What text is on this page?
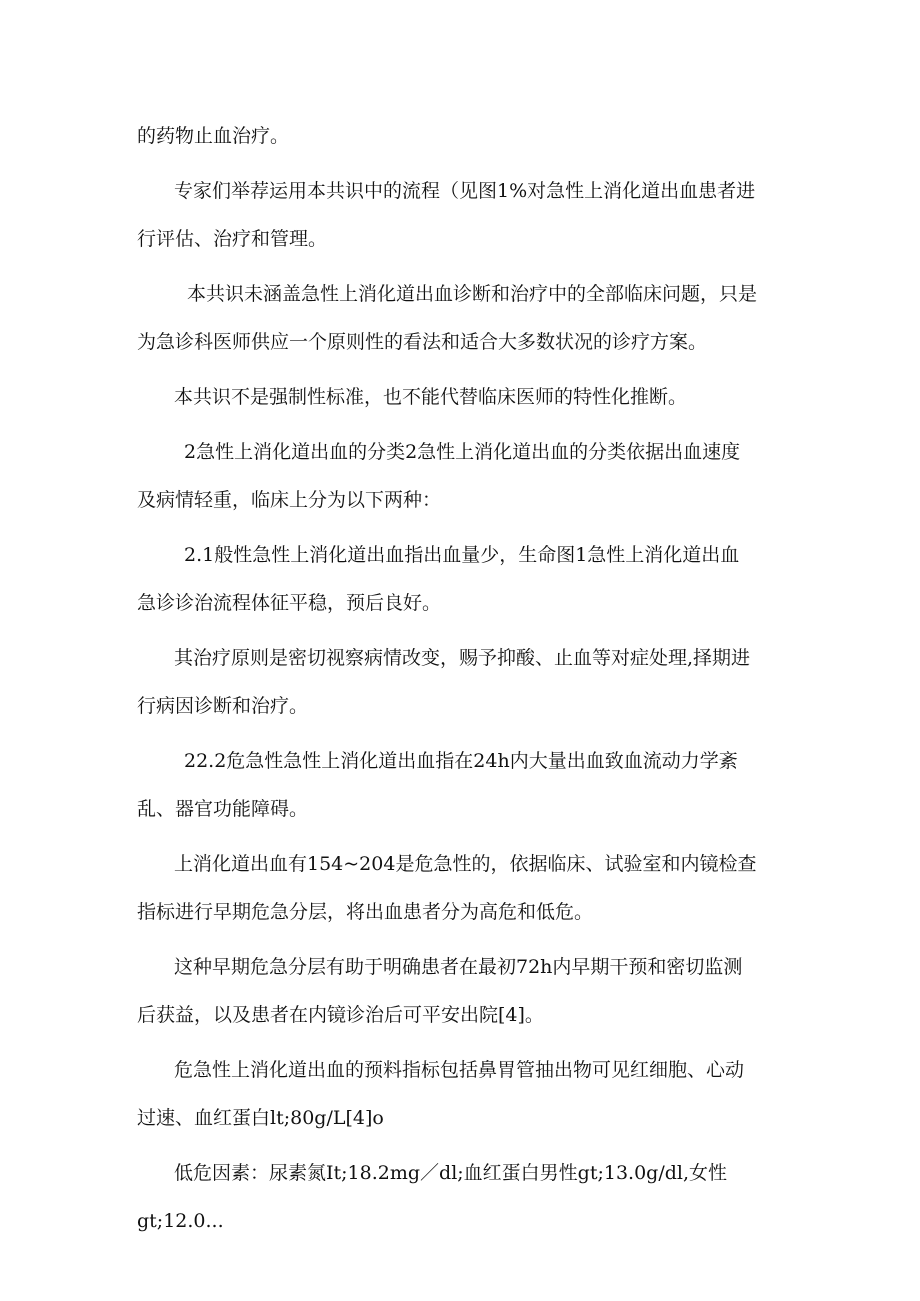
的药物止血治疗。
专家们举荐运用本共识中的流程（见图1%对急性上消化道出血患者进
行评估、治疗和管理。
本共识未涵盖急性上消化道出血诊断和治疗中的全部临床问题，只是
为急诊科医师供应一个原则性的看法和适合大多数状况的诊疗方案。
本共识不是强制性标准，也不能代替临床医师的特性化推断。
2急性上消化道出血的分类2急性上消化道出血的分类依据出血速度
及病情轻重，临床上分为以下两种：
2.1般性急性上消化道出血指出血量少，生命图1急性上消化道出血
急诊诊治流程体征平稳，预后良好。
其治疗原则是密切视察病情改变，赐予抑酸、止血等对症处理,择期进
行病因诊断和治疗。
22.2危急性急性上消化道出血指在24h内大量出血致血流动力学紊
乱、器官功能障碍。
上消化道出血有154~204是危急性的，依据临床、试验室和内镜检查
指标进行早期危急分层，将出血患者分为高危和低危。
这种早期危急分层有助于明确患者在最初72h内早期干预和密切监测
后获益，以及患者在内镜诊治后可平安出院[4]。
危急性上消化道出血的预料指标包括鼻胃管抽出物可见红细胞、心动
过速、血红蛋白lt;80g/L[4]o
低危因素：尿素氮It;18.2mg／dl;血红蛋白男性gt;13.0g/dl,女性
gt;12.0...
